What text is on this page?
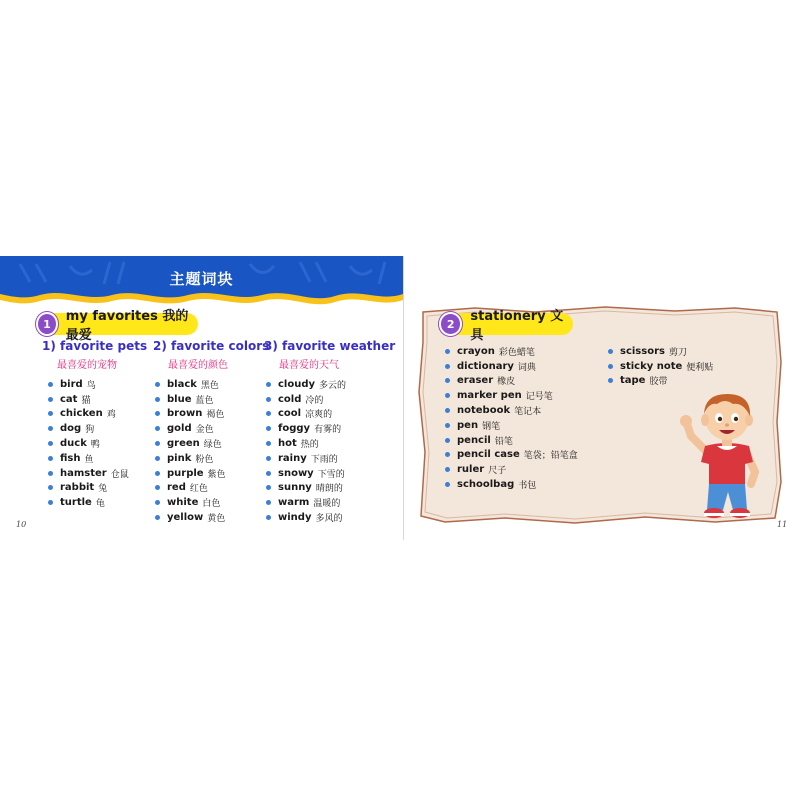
主题词块
1	my favorites 我的最爱
1) favorite pets
最喜爱的宠物
bird 鸟
cat 猫
chicken 鸡
dog 狗
duck 鸭
fish 鱼
hamster 仓鼠
rabbit 兔
turtle 龟
2) favorite colors
最喜爱的颜色
black 黑色
blue 蓝色
brown 褐色
gold 金色
green 绿色
pink 粉色
purple 紫色
red 红色
white 白色
yellow 黄色
3) favorite weather
最喜爱的天气
cloudy 多云的
cold 冷的
cool 凉爽的
foggy 有雾的
hot 热的
rainy 下雨的
snowy 下雪的
sunny 晴朗的
warm 温暖的
windy 多风的
10
2	stationery 文具
crayon 彩色蜡笔
dictionary 词典
eraser 橡皮
marker pen 记号笔
notebook 笔记本
pen 钢笔
pencil 铅笔
pencil case 笔袋；铅笔盒
ruler 尺子
schoolbag 书包
scissors 剪刀
sticky note 便利贴
tape 胶带
11
